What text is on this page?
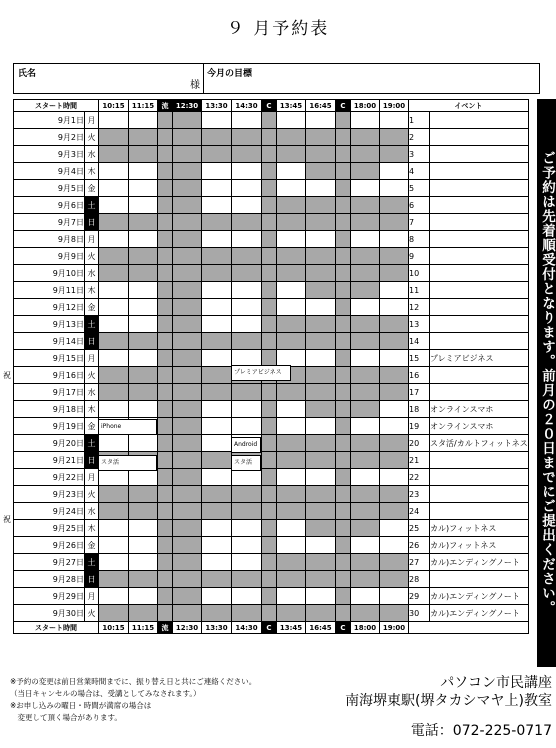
９ 月予約表
氏名
様
今月の目標
スタート時間		10:15	11:15	流	12:30	13:30	14:30	C	13:45	16:45	C	18:00	19:00	イベント	
9月1日	月													1	
9月2日	火													2	
9月3日	水													3	
9月4日	木													4	
9月5日	金													5	
9月6日	土													6	
9月7日	日													7	
9月8日	月													8	
9月9日	火													9	
9月10日	水													10	
9月11日	木													11	
9月12日	金													12	
9月13日	土													13	
9月14日	日													14	
9月15日	月													15	プレミアビジネス
9月16日	火													16	
9月17日	水													17	
9月18日	木													18	オンラインスマホ
9月19日	金													19	オンラインスマホ
9月20日	土													20	スタ活/カルトフィットネス
9月21日	日													21	
9月22日	月													22	
9月23日	火													23	
9月24日	水													24	
9月25日	木													25	カル)フィットネス
9月26日	金													26	カル)フィットネス
9月27日	土													27	カル)エンディングノート
9月28日	日													28	
9月29日	月													29	カル)エンディングノート
9月30日	火													30	カル)エンディングノート
スタート時間		10:15	11:15	流	12:30	13:30	14:30	C	13:45	16:45	C	18:00	19:00		
祝
祝
プレミアビジネス
iPhone
Android
スタ活	スタ活	ご予約は先着順受付となります。前月の２０日までにご提出ください。
※予約の変更は前日営業時間までに、振り替え日と共にご連絡ください。
（当日キャンセルの場合は、受講としてみなされます。）
※お申し込みの曜日・時間が満席の場合は
　変更して頂く場合があります。
パソコン市民講座
南海堺東駅(堺タカシマヤ上)教室
電話：072-225-0717
